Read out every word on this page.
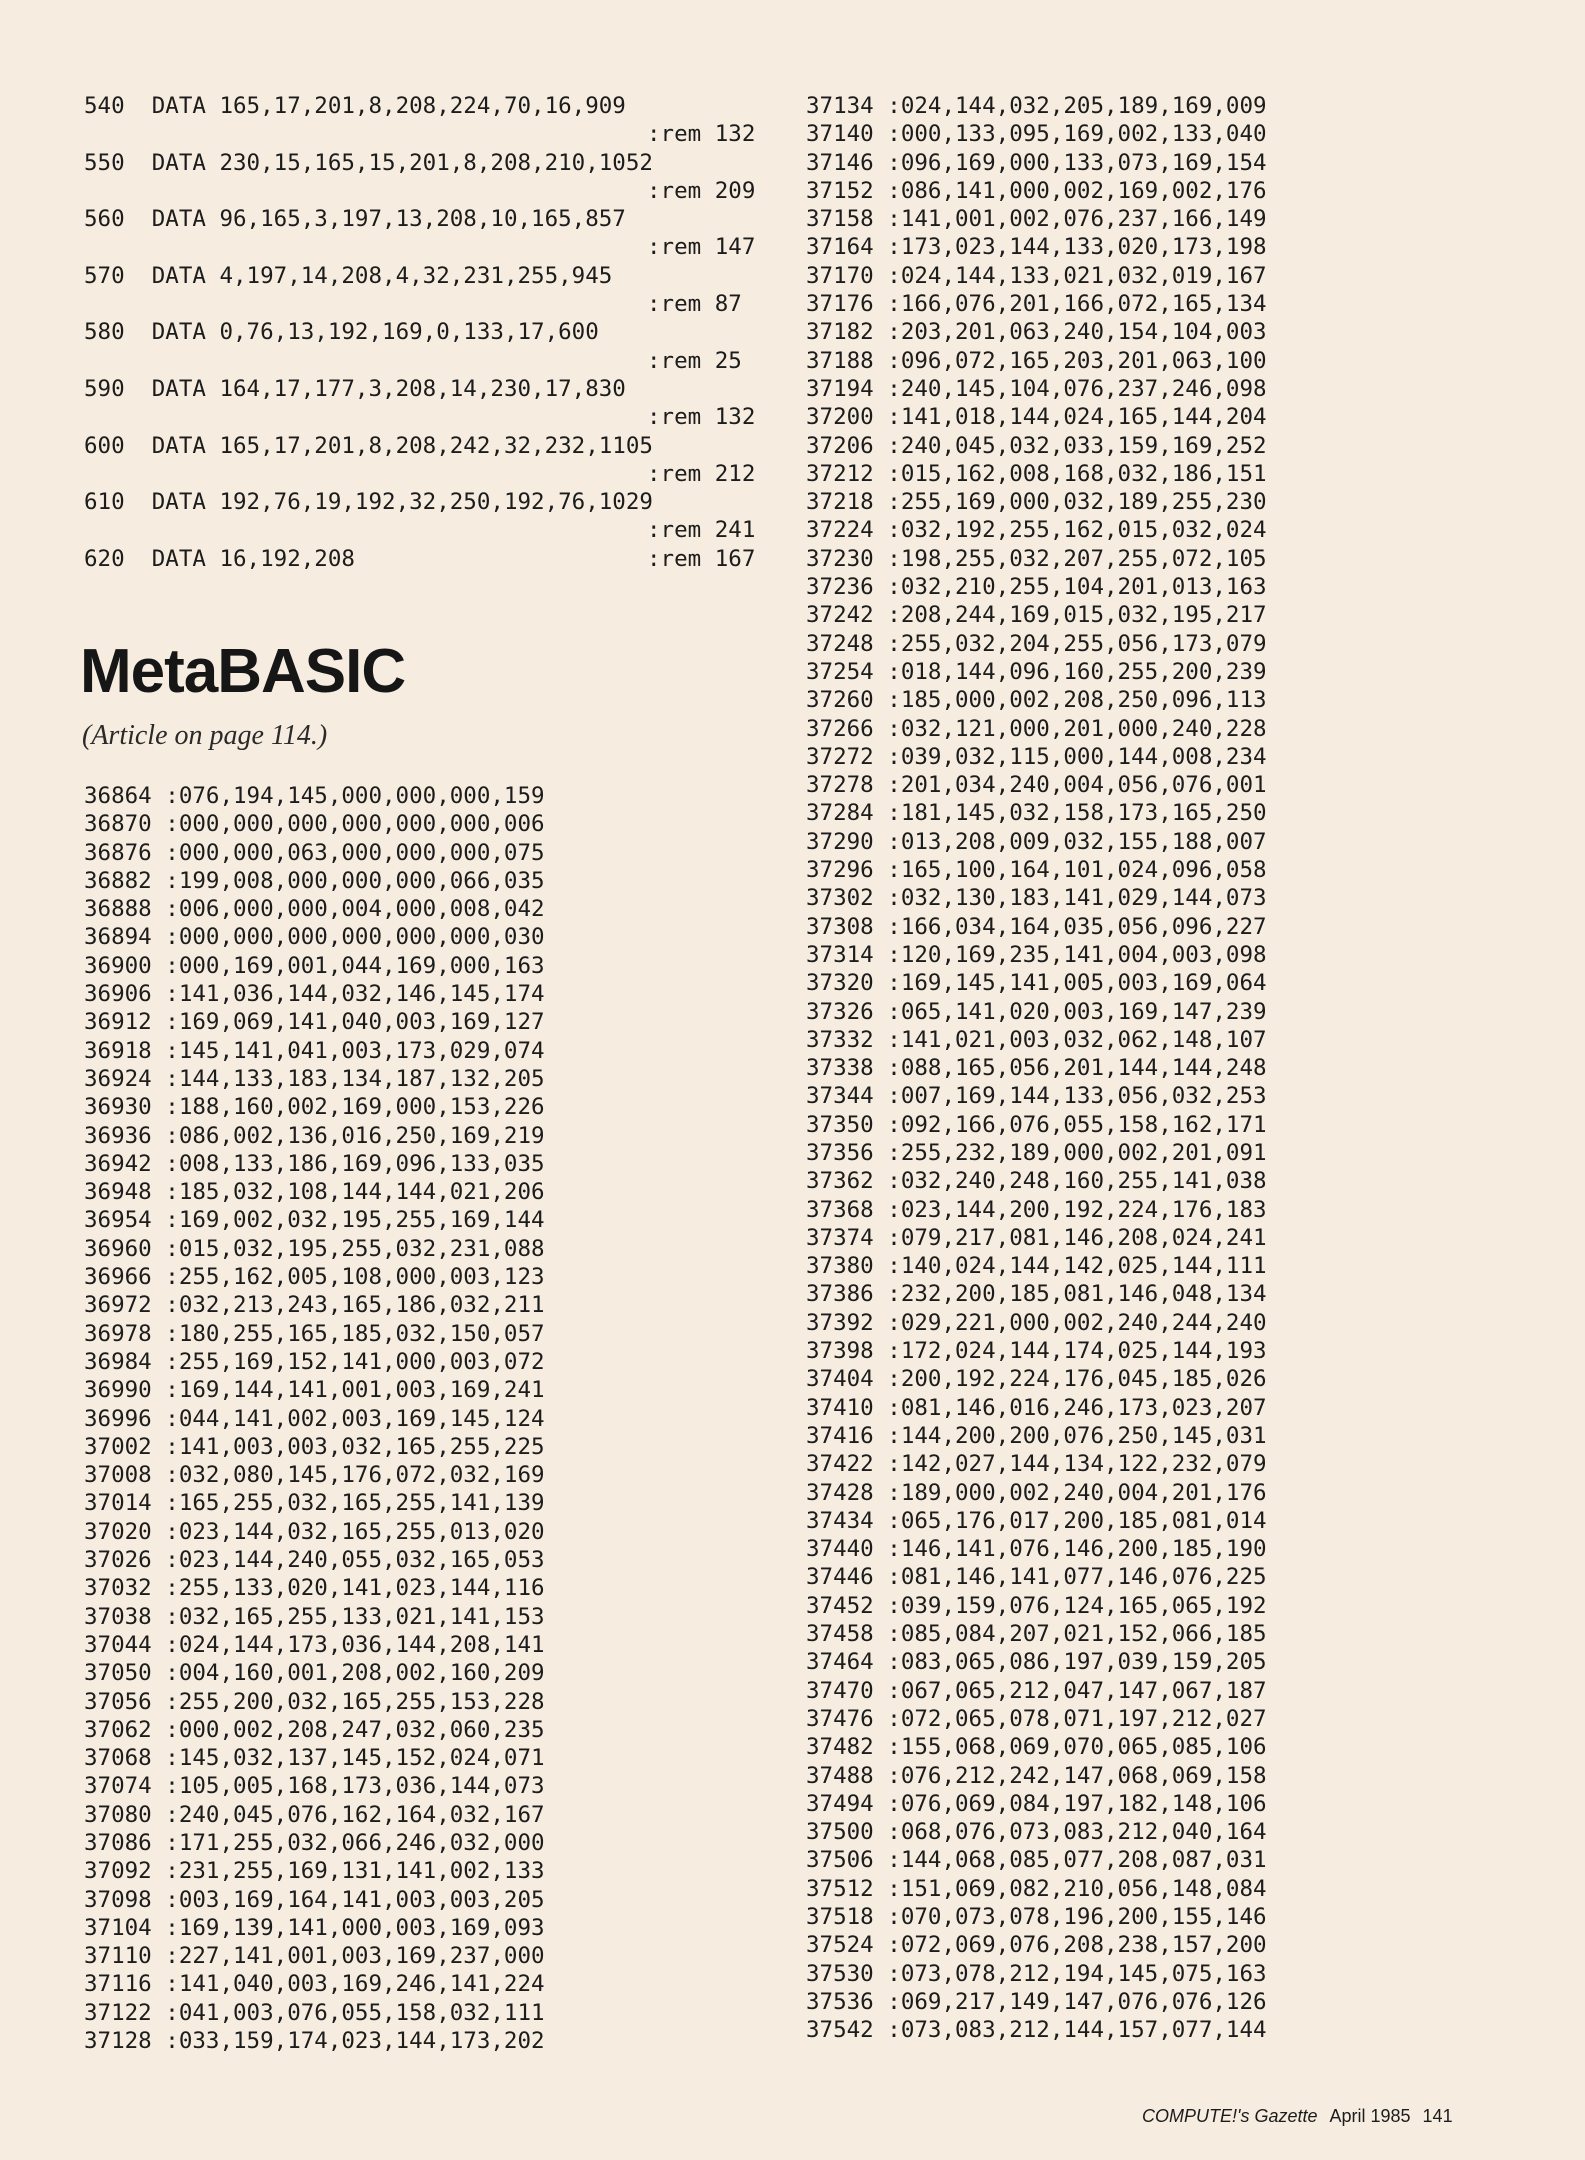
540  DATA 165,17,201,8,208,224,70,16,909
:rem 132
550  DATA 230,15,165,15,201,8,208,210,1052
:rem 209
560  DATA 96,165,3,197,13,208,10,165,857
:rem 147
570  DATA 4,197,14,208,4,32,231,255,945
:rem 87
580  DATA 0,76,13,192,169,0,133,17,600
:rem 25
590  DATA 164,17,177,3,208,14,230,17,830
:rem 132
600  DATA 165,17,201,8,208,242,32,232,1105
:rem 212
610  DATA 192,76,19,192,32,250,192,76,1029
:rem 241
620  DATA 16,192,208	:rem 167
MetaBASIC
(Article on page 114.)
36864 :076,194,145,000,000,000,159
36870 :000,000,000,000,000,000,006
36876 :000,000,063,000,000,000,075
36882 :199,008,000,000,000,066,035
36888 :006,000,000,004,000,008,042
36894 :000,000,000,000,000,000,030
36900 :000,169,001,044,169,000,163
36906 :141,036,144,032,146,145,174
36912 :169,069,141,040,003,169,127
36918 :145,141,041,003,173,029,074
36924 :144,133,183,134,187,132,205
36930 :188,160,002,169,000,153,226
36936 :086,002,136,016,250,169,219
36942 :008,133,186,169,096,133,035
36948 :185,032,108,144,144,021,206
36954 :169,002,032,195,255,169,144
36960 :015,032,195,255,032,231,088
36966 :255,162,005,108,000,003,123
36972 :032,213,243,165,186,032,211
36978 :180,255,165,185,032,150,057
36984 :255,169,152,141,000,003,072
36990 :169,144,141,001,003,169,241
36996 :044,141,002,003,169,145,124
37002 :141,003,003,032,165,255,225
37008 :032,080,145,176,072,032,169
37014 :165,255,032,165,255,141,139
37020 :023,144,032,165,255,013,020
37026 :023,144,240,055,032,165,053
37032 :255,133,020,141,023,144,116
37038 :032,165,255,133,021,141,153
37044 :024,144,173,036,144,208,141
37050 :004,160,001,208,002,160,209
37056 :255,200,032,165,255,153,228
37062 :000,002,208,247,032,060,235
37068 :145,032,137,145,152,024,071
37074 :105,005,168,173,036,144,073
37080 :240,045,076,162,164,032,167
37086 :171,255,032,066,246,032,000
37092 :231,255,169,131,141,002,133
37098 :003,169,164,141,003,003,205
37104 :169,139,141,000,003,169,093
37110 :227,141,001,003,169,237,000
37116 :141,040,003,169,246,141,224
37122 :041,003,076,055,158,032,111
37128 :033,159,174,023,144,173,202
37134 :024,144,032,205,189,169,009
37140 :000,133,095,169,002,133,040
37146 :096,169,000,133,073,169,154
37152 :086,141,000,002,169,002,176
37158 :141,001,002,076,237,166,149
37164 :173,023,144,133,020,173,198
37170 :024,144,133,021,032,019,167
37176 :166,076,201,166,072,165,134
37182 :203,201,063,240,154,104,003
37188 :096,072,165,203,201,063,100
37194 :240,145,104,076,237,246,098
37200 :141,018,144,024,165,144,204
37206 :240,045,032,033,159,169,252
37212 :015,162,008,168,032,186,151
37218 :255,169,000,032,189,255,230
37224 :032,192,255,162,015,032,024
37230 :198,255,032,207,255,072,105
37236 :032,210,255,104,201,013,163
37242 :208,244,169,015,032,195,217
37248 :255,032,204,255,056,173,079
37254 :018,144,096,160,255,200,239
37260 :185,000,002,208,250,096,113
37266 :032,121,000,201,000,240,228
37272 :039,032,115,000,144,008,234
37278 :201,034,240,004,056,076,001
37284 :181,145,032,158,173,165,250
37290 :013,208,009,032,155,188,007
37296 :165,100,164,101,024,096,058
37302 :032,130,183,141,029,144,073
37308 :166,034,164,035,056,096,227
37314 :120,169,235,141,004,003,098
37320 :169,145,141,005,003,169,064
37326 :065,141,020,003,169,147,239
37332 :141,021,003,032,062,148,107
37338 :088,165,056,201,144,144,248
37344 :007,169,144,133,056,032,253
37350 :092,166,076,055,158,162,171
37356 :255,232,189,000,002,201,091
37362 :032,240,248,160,255,141,038
37368 :023,144,200,192,224,176,183
37374 :079,217,081,146,208,024,241
37380 :140,024,144,142,025,144,111
37386 :232,200,185,081,146,048,134
37392 :029,221,000,002,240,244,240
37398 :172,024,144,174,025,144,193
37404 :200,192,224,176,045,185,026
37410 :081,146,016,246,173,023,207
37416 :144,200,200,076,250,145,031
37422 :142,027,144,134,122,232,079
37428 :189,000,002,240,004,201,176
37434 :065,176,017,200,185,081,014
37440 :146,141,076,146,200,185,190
37446 :081,146,141,077,146,076,225
37452 :039,159,076,124,165,065,192
37458 :085,084,207,021,152,066,185
37464 :083,065,086,197,039,159,205
37470 :067,065,212,047,147,067,187
37476 :072,065,078,071,197,212,027
37482 :155,068,069,070,065,085,106
37488 :076,212,242,147,068,069,158
37494 :076,069,084,197,182,148,106
37500 :068,076,073,083,212,040,164
37506 :144,068,085,077,208,087,031
37512 :151,069,082,210,056,148,084
37518 :070,073,078,196,200,155,146
37524 :072,069,076,208,238,157,200
37530 :073,078,212,194,145,075,163
37536 :069,217,149,147,076,076,126
37542 :073,083,212,144,157,077,144
COMPUTE!'s Gazette April 1985 141
